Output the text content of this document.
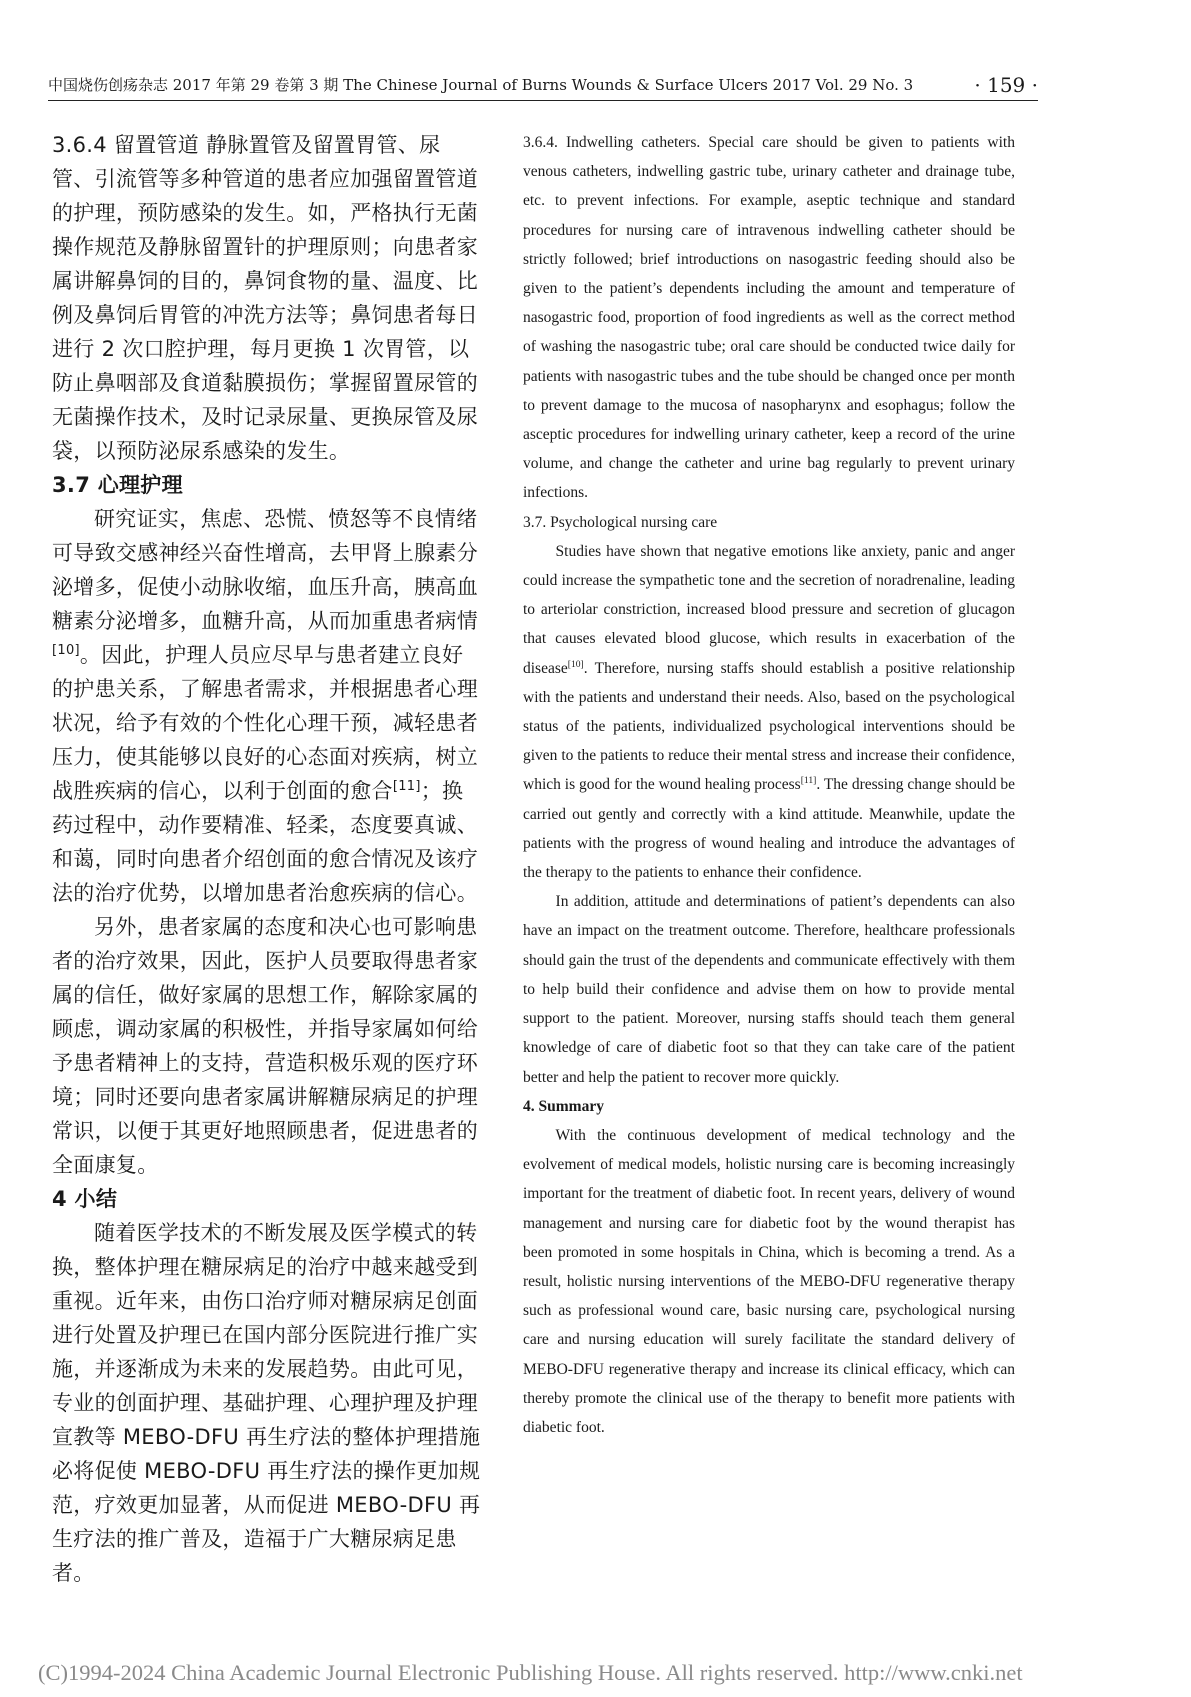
中国烧伤创疡杂志 2017 年第 29 卷第 3 期 The Chinese Journal of Burns Wounds & Surface Ulcers 2017 Vol. 29 No. 3	· 159 ·

3.6.4 留置管道 静脉置管及留置胃管、尿管、引流管等多种管道的患者应加强留置管道的护理，预防感染的发生。如，严格执行无菌操作规范及静脉留置针的护理原则；向患者家属讲解鼻饲的目的，鼻饲食物的量、温度、比例及鼻饲后胃管的冲洗方法等；鼻饲患者每日进行 2 次口腔护理，每月更换 1 次胃管，以防止鼻咽部及食道黏膜损伤；掌握留置尿管的无菌操作技术，及时记录尿量、更换尿管及尿袋，以预防泌尿系感染的发生。

3.7 心理护理

研究证实，焦虑、恐慌、愤怒等不良情绪可导致交感神经兴奋性增高，去甲肾上腺素分泌增多，促使小动脉收缩，血压升高，胰高血糖素分泌增多，血糖升高，从而加重患者病情[10]。因此，护理人员应尽早与患者建立良好的护患关系，了解患者需求，并根据患者心理状况，给予有效的个性化心理干预，减轻患者压力，使其能够以良好的心态面对疾病，树立战胜疾病的信心，以利于创面的愈合[11]；换药过程中，动作要精准、轻柔，态度要真诚、和蔼，同时向患者介绍创面的愈合情况及该疗法的治疗优势，以增加患者治愈疾病的信心。

另外，患者家属的态度和决心也可影响患者的治疗效果，因此，医护人员要取得患者家属的信任，做好家属的思想工作，解除家属的顾虑，调动家属的积极性，并指导家属如何给予患者精神上的支持，营造积极乐观的医疗环境；同时还要向患者家属讲解糖尿病足的护理常识，以便于其更好地照顾患者，促进患者的全面康复。

4 小结

随着医学技术的不断发展及医学模式的转换，整体护理在糖尿病足的治疗中越来越受到重视。近年来，由伤口治疗师对糖尿病足创面进行处置及护理已在国内部分医院进行推广实施，并逐渐成为未来的发展趋势。由此可见，专业的创面护理、基础护理、心理护理及护理宣教等 MEBO-DFU 再生疗法的整体护理措施必将促使 MEBO-DFU 再生疗法的操作更加规范，疗效更加显著，从而促进 MEBO-DFU 再生疗法的推广普及，造福于广大糖尿病足患者。

3.6.4. Indwelling catheters. Special care should be given to patients with venous catheters, indwelling gastric tube, urinary catheter and drainage tube, etc. to prevent infections. For example, aseptic technique and standard procedures for nursing care of intravenous indwelling catheter should be strictly followed; brief introductions on nasogastric feeding should also be given to the patient’s dependents including the amount and temperature of nasogastric food, proportion of food ingredients as well as the correct method of washing the nasogastric tube; oral care should be conducted twice daily for patients with nasogastric tubes and the tube should be changed once per month to prevent damage to the mucosa of nasopharynx and esophagus; follow the asceptic procedures for indwelling urinary catheter, keep a record of the urine volume, and change the catheter and urine bag regularly to prevent urinary infections.

3.7. Psychological nursing care

Studies have shown that negative emotions like anxiety, panic and anger could increase the sympathetic tone and the secretion of noradrenaline, leading to arteriolar constriction, increased blood pressure and secretion of glucagon that causes elevated blood glucose, which results in exacerbation of the disease[10]. Therefore, nursing staffs should establish a positive relationship with the patients and understand their needs. Also, based on the psychological status of the patients, individualized psychological interventions should be given to the patients to reduce their mental stress and increase their confidence, which is good for the wound healing process[11]. The dressing change should be carried out gently and correctly with a kind attitude. Meanwhile, update the patients with the progress of wound healing and introduce the advantages of the therapy to the patients to enhance their confidence.

In addition, attitude and determinations of patient’s dependents can also have an impact on the treatment outcome. Therefore, healthcare professionals should gain the trust of the dependents and communicate effectively with them to help build their confidence and advise them on how to provide mental support to the patient. Moreover, nursing staffs should teach them general knowledge of care of diabetic foot so that they can take care of the patient better and help the patient to recover more quickly.

4. Summary

With the continuous development of medical technology and the evolvement of medical models, holistic nursing care is becoming increasingly important for the treatment of diabetic foot. In recent years, delivery of wound management and nursing care for diabetic foot by the wound therapist has been promoted in some hospitals in China, which is becoming a trend. As a result, holistic nursing interventions of the MEBO-DFU regenerative therapy such as professional wound care, basic nursing care, psychological nursing care and nursing education will surely facilitate the standard delivery of MEBO-DFU regenerative therapy and increase its clinical efficacy, which can thereby promote the clinical use of the therapy to benefit more patients with diabetic foot.

(C)1994-2024 China Academic Journal Electronic Publishing House. All rights reserved. http://www.cnki.net
